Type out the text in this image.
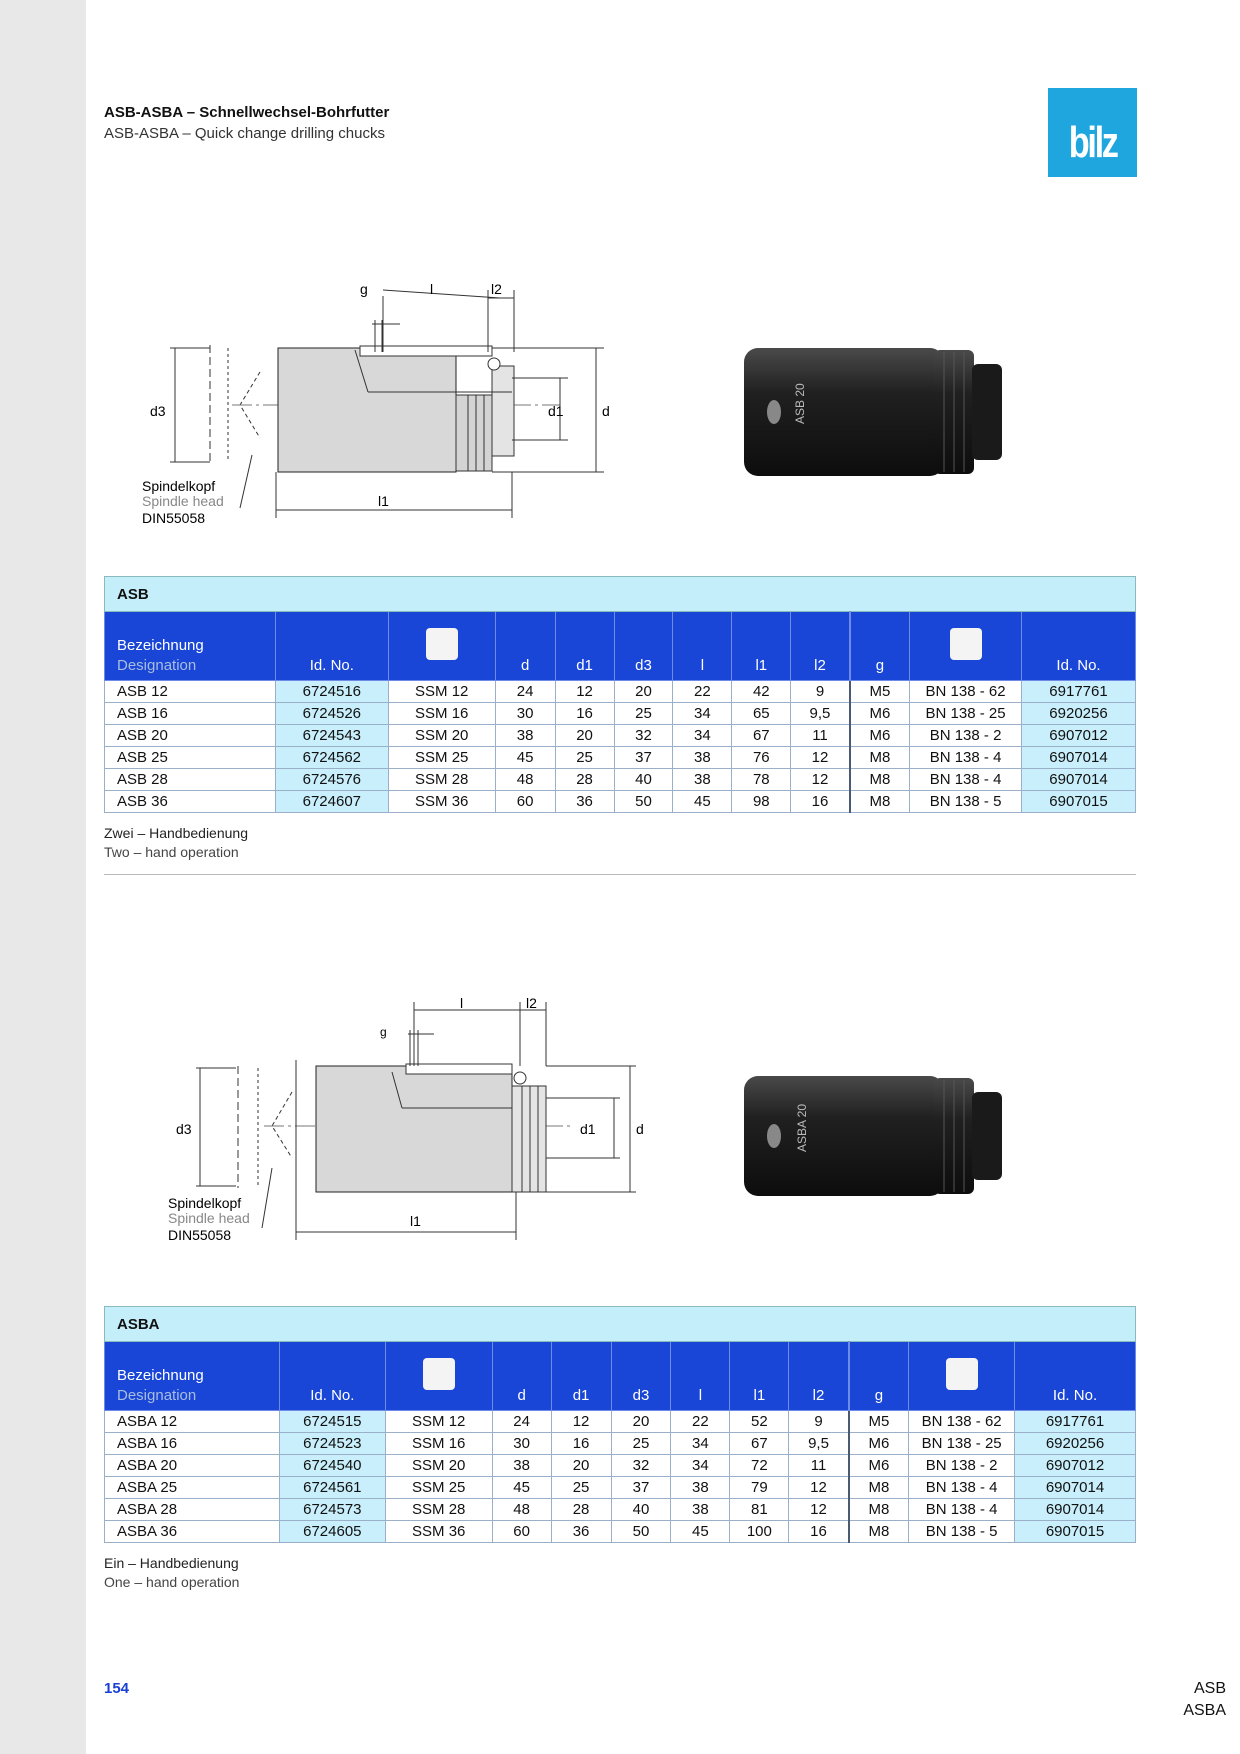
ASB
ASBA
154
ASB-ASBA – Schnellwechsel-Bohrfutter
ASB-ASBA – Quick change drilling chucks	bilz
g	l	l2
d3	d1	d
l1
Spindelkopf
Spindle head
DIN55058
ASB 20
ASB											
Bezeichnung
Designation	Id. No.		d	d1	d3	l	l1	l2	g		Id. No.
ASB 12	6724516	SSM 12	24	12	20	22	42	9	M5	BN 138 - 62	6917761
ASB 16	6724526	SSM 16	30	16	25	34	65	9,5	M6	BN 138 - 25	6920256
ASB 20	6724543	SSM 20	38	20	32	34	67	11	M6	BN 138 - 2	6907012
ASB 25	6724562	SSM 25	45	25	37	38	76	12	M8	BN 138 - 4	6907014
ASB 28	6724576	SSM 28	48	28	40	38	78	12	M8	BN 138 - 4	6907014
ASB 36	6724607	SSM 36	60	36	50	45	98	16	M8	BN 138 - 5	6907015
Zwei – Handbedienung
Two – hand operation
g
l	l2
d3	d1	d
l1
Spindelkopf
Spindle head
DIN55058
ASBA 20
ASBA											
Bezeichnung
Designation	Id. No.		d	d1	d3	l	l1	l2	g		Id. No.
ASBA 12	6724515	SSM 12	24	12	20	22	52	9	M5	BN 138 - 62	6917761
ASBA 16	6724523	SSM 16	30	16	25	34	67	9,5	M6	BN 138 - 25	6920256
ASBA 20	6724540	SSM 20	38	20	32	34	72	11	M6	BN 138 - 2	6907012
ASBA 25	6724561	SSM 25	45	25	37	38	79	12	M8	BN 138 - 4	6907014
ASBA 28	6724573	SSM 28	48	28	40	38	81	12	M8	BN 138 - 4	6907014
ASBA 36	6724605	SSM 36	60	36	50	45	100	16	M8	BN 138 - 5	6907015
Ein – Handbedienung
One – hand operation
